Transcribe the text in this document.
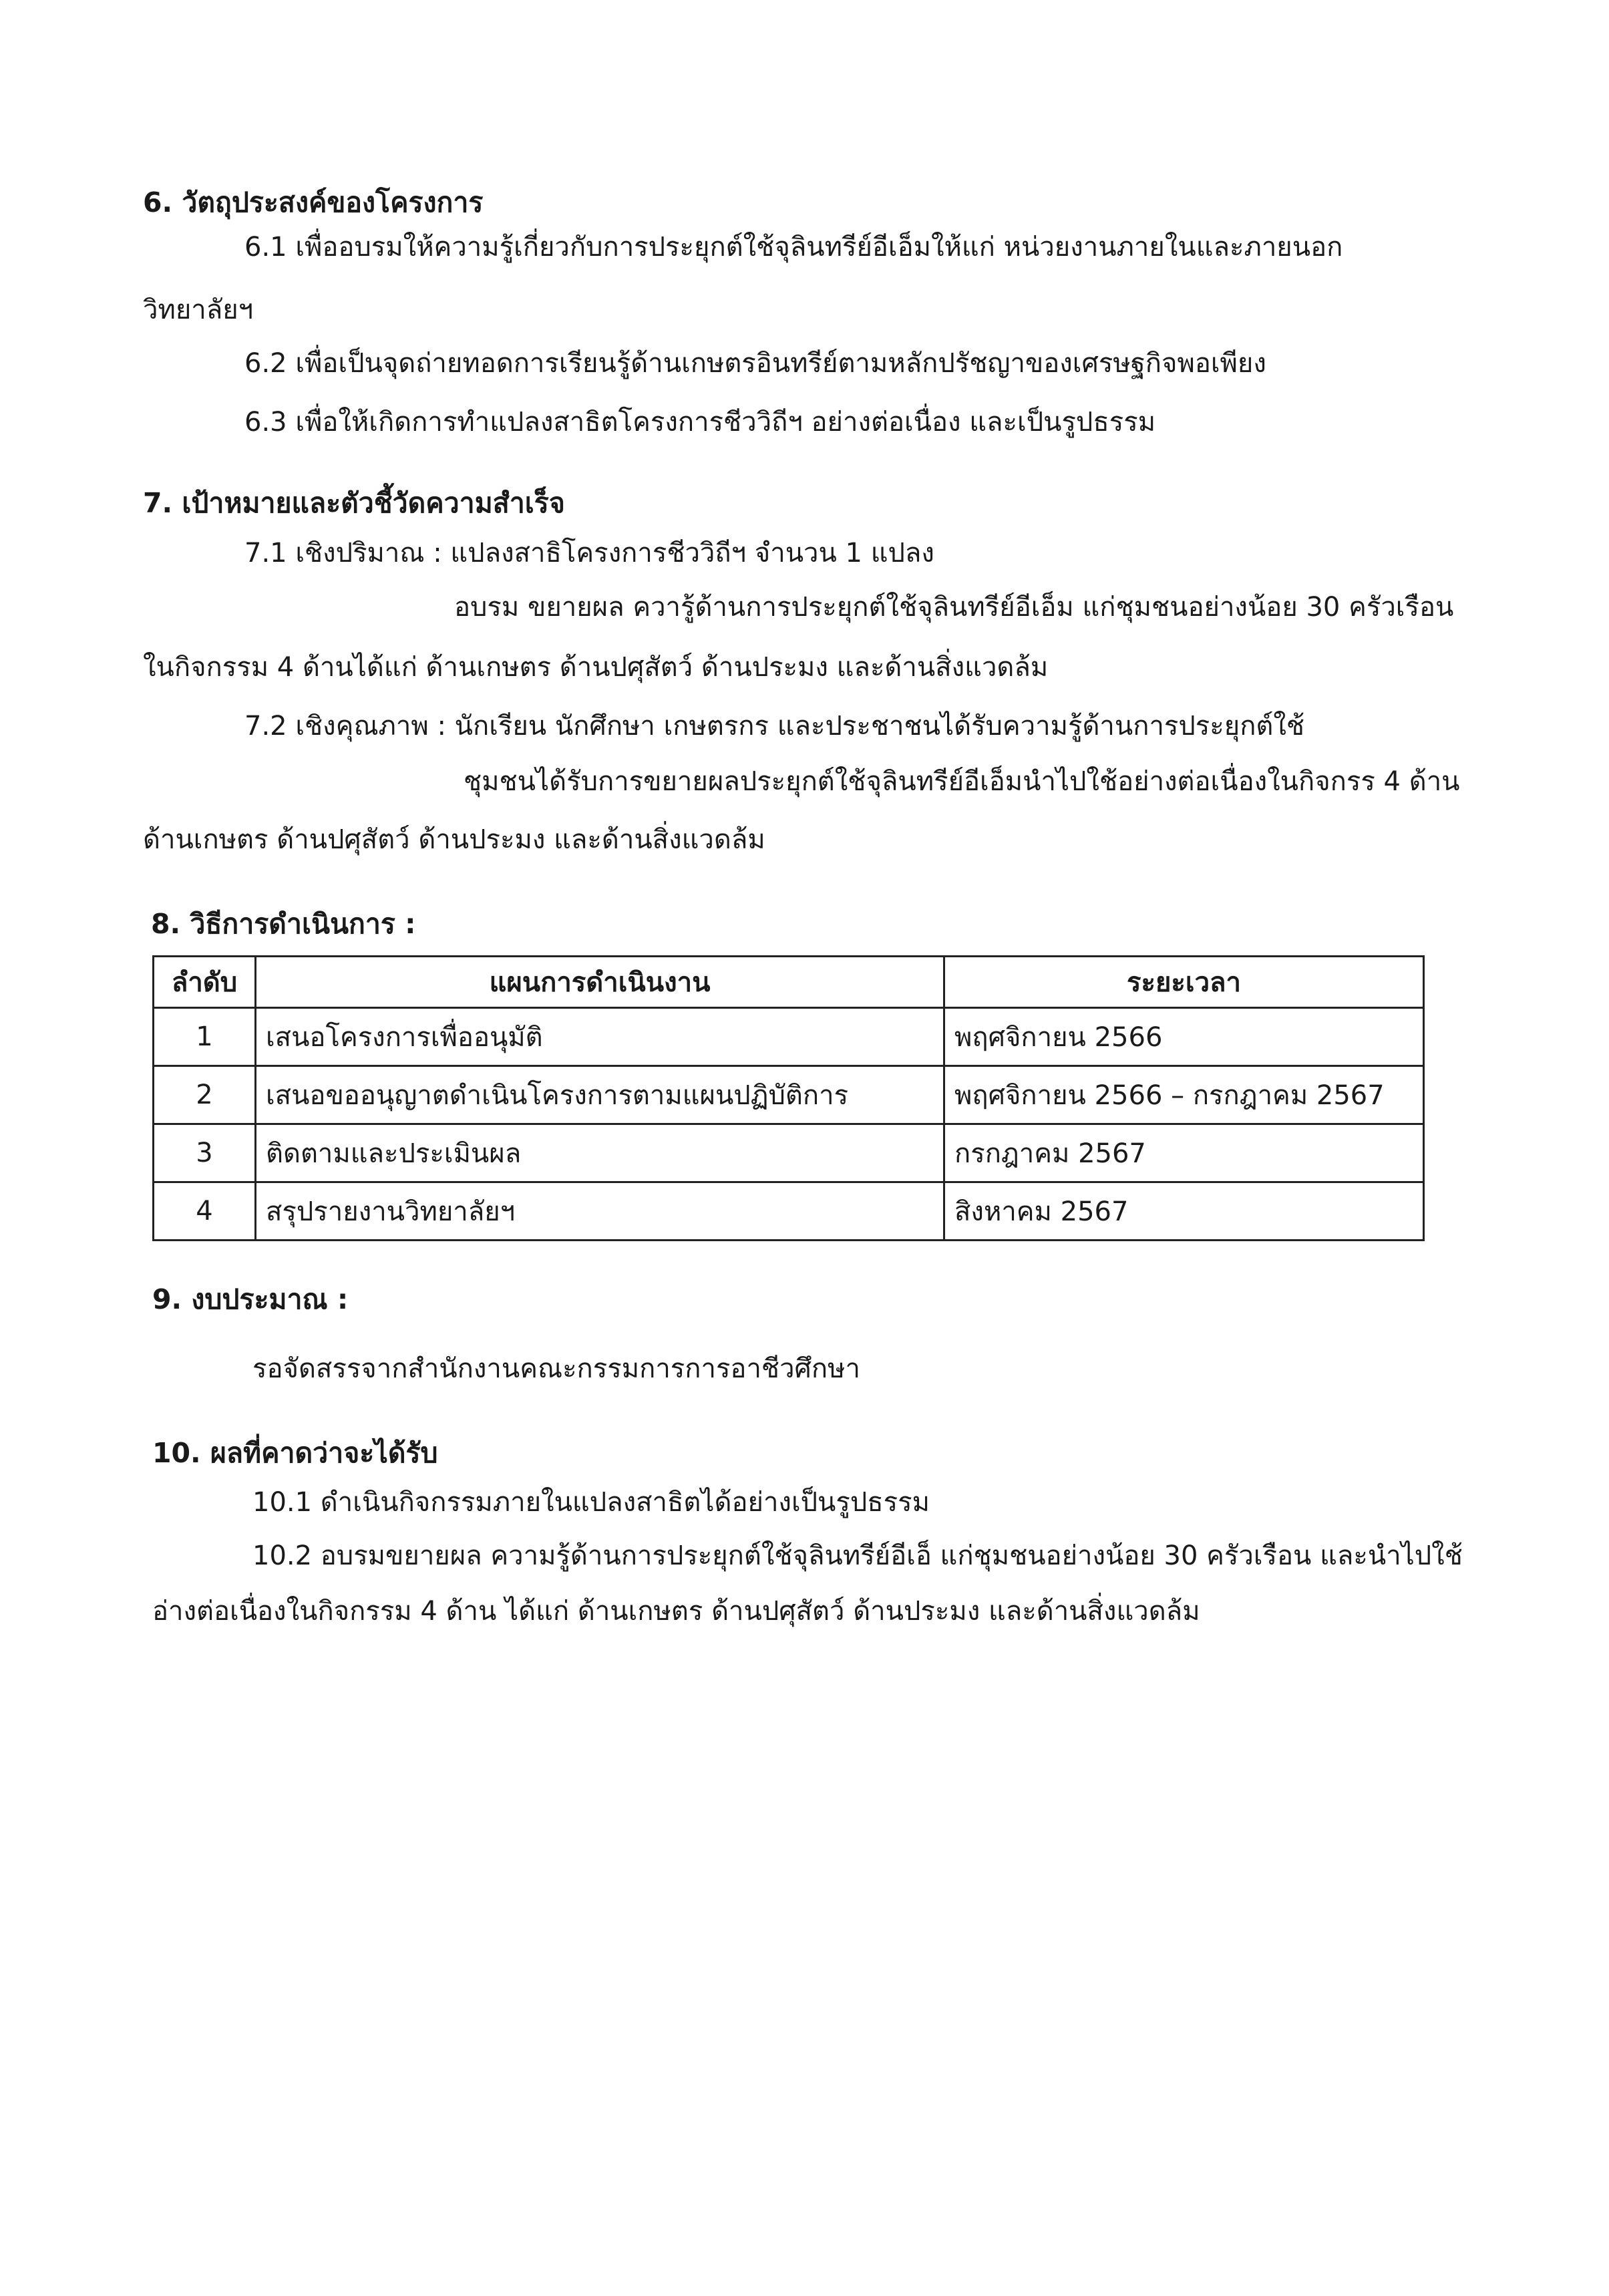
6. วัตถุประสงค์ของโครงการ
6.1 เพื่ออบรมให้ความรู้เกี่ยวกับการประยุกต์ใช้จุลินทรีย์อีเอ็มให้แก่ หน่วยงานภายในและภายนอก
วิทยาลัยฯ
6.2 เพื่อเป็นจุดถ่ายทอดการเรียนรู้ด้านเกษตรอินทรีย์ตามหลักปรัชญาของเศรษฐกิจพอเพียง
6.3 เพื่อให้เกิดการทำแปลงสาธิตโครงการชีววิถีฯ อย่างต่อเนื่อง และเป็นรูปธรรม
7. เป้าหมายและตัวชี้วัดความสำเร็จ
7.1 เชิงปริมาณ : แปลงสาธิโครงการชีววิถีฯ จำนวน 1 แปลง
อบรม ขยายผล ควารู้ด้านการประยุกต์ใช้จุลินทรีย์อีเอ็ม แก่ชุมชนอย่างน้อย 30 ครัวเรือน
ในกิจกรรม 4 ด้านได้แก่ ด้านเกษตร ด้านปศุสัตว์ ด้านประมง และด้านสิ่งแวดล้ม
7.2 เชิงคุณภาพ : นักเรียน นักศึกษา เกษตรกร และประชาชนได้รับความรู้ด้านการประยุกต์ใช้
ชุมชนได้รับการขยายผลประยุกต์ใช้จุลินทรีย์อีเอ็มนำไปใช้อย่างต่อเนื่องในกิจกรร 4 ด้าน
ด้านเกษตร ด้านปศุสัตว์ ด้านประมง และด้านสิ่งแวดล้ม
8. วิธีการดำเนินการ :
ลำดับ	แผนการดำเนินงาน	ระยะเวลา
1	เสนอโครงการเพื่ออนุมัติ	พฤศจิกายน 2566
2	เสนอขออนุญาตดำเนินโครงการตามแผนปฏิบัติการ	พฤศจิกายน 2566 – กรกฎาคม 2567
3	ติดตามและประเมินผล	กรกฎาคม 2567
4	สรุปรายงานวิทยาลัยฯ	สิงหาคม 2567
9. งบประมาณ :
รอจัดสรรจากสำนักงานคณะกรรมการการอาชีวศึกษา
10. ผลที่คาดว่าจะได้รับ
10.1 ดำเนินกิจกรรมภายในแปลงสาธิตได้อย่างเป็นรูปธรรม
10.2 อบรมขยายผล ความรู้ด้านการประยุกต์ใช้จุลินทรีย์อีเอ็ แก่ชุมชนอย่างน้อย 30 ครัวเรือน และนำไปใช้
อ่างต่อเนื่องในกิจกรรม 4 ด้าน ได้แก่ ด้านเกษตร ด้านปศุสัตว์ ด้านประมง และด้านสิ่งแวดล้ม
